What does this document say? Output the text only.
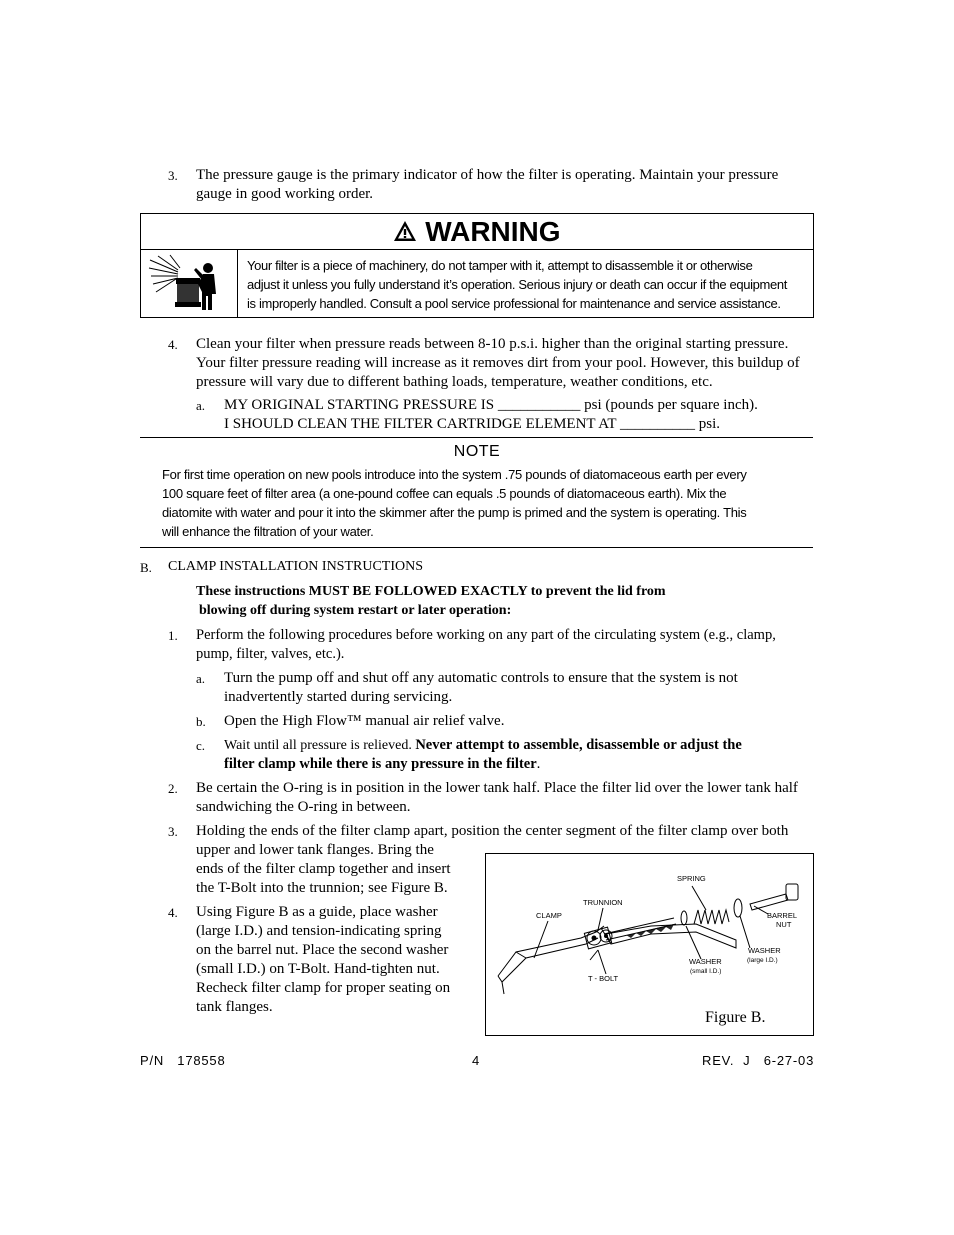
3. The pressure gauge is the primary indicator of how the filter is operating. Maintain your pressure gauge in good working order.
WARNING
Your filter is a piece of machinery, do not tamper with it, attempt to disassemble it or otherwise
adjust it unless you fully understand it’s operation. Serious injury or death can occur if the equipment
is improperly handled. Consult a pool service professional for maintenance and service assistance.
4. Clean your filter when pressure reads between 8-10 p.s.i. higher than the original starting pressure.
Your filter pressure reading will increase as it removes dirt from your pool. However, this buildup of
pressure will vary due to different bathing loads, temperature, weather conditions, etc.
a. MY ORIGINAL STARTING PRESSURE IS ___________ psi (pounds per square inch).
I SHOULD CLEAN THE FILTER CARTRIDGE ELEMENT AT __________ psi.
NOTE
For first time operation on new pools introduce into the system .75 pounds of diatomaceous earth per every
100 square feet of filter area (a one-pound coffee can equals .5 pounds of diatomaceous earth). Mix the
diatomite with water and pour it into the skimmer after the pump is primed and the system is operating. This
will enhance the filtration of your water.
B. CLAMP INSTALLATION INSTRUCTIONS
These instructions MUST BE FOLLOWED EXACTLY to prevent the lid from
blowing off during system restart or later operation:
1. Perform the following procedures before working on any part of the circulating system (e.g., clamp,
pump, filter, valves, etc.).
a. Turn the pump off and shut off any automatic controls to ensure that the system is not
inadvertently started during servicing.
b. Open the High Flow™ manual air relief valve.
c. Wait until all pressure is relieved. Never attempt to assemble, disassemble or adjust the
filter clamp while there is any pressure in the filter.
2. Be certain the O-ring is in position in the lower tank half. Place the filter lid over the lower tank half
sandwiching the O-ring in between.
3. Holding the ends of the filter clamp apart, position the center segment of the filter clamp over both
upper and lower tank flanges. Bring the
ends of the filter clamp together and insert
the T-Bolt into the trunnion; see Figure B.
4. Using Figure B as a guide, place washer
(large I.D.) and tension-indicating spring
on the barrel nut. Place the second washer
(small I.D.) on T-Bolt. Hand-tighten nut.
Recheck filter clamp for proper seating on
tank flanges.
SPRING
BARREL
NUT
TRUNNION
CLAMP
WASHER
(large I.D.)
WASHER
(small I.D.)
T - BOLT
Figure B.
P/N   178558	4	REV.  J   6-27-03
